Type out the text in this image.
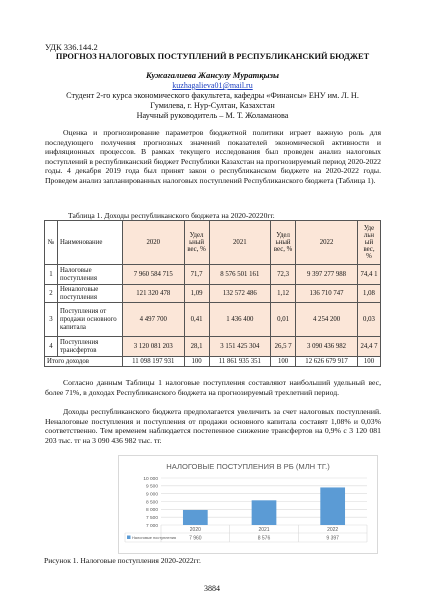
УДК 336.144.2
ПРОГНОЗ НАЛОГОВЫХ ПОСТУПЛЕНИЙ В РЕСПУБЛИКАНСКИЙ БЮДЖЕТ
Кужагалиева Жансулу Муратқызы
kuzhagalieva01@mail.ru
Студент 2-го курса экономического факультета, кафедры «Финансы» ЕНУ им. Л. Н.
Гумилева, г. Нур-Султан, Казахстан
Научный руководитель – М. Т. Жоламанова
Оценка и прогнозирование параметров бюджетной политики играет важную роль для последующего получения прогнозных значений показателей экономической активности и инфляционных процессов. В рамках текущего исследования был проведен анализ налоговых поступлений в республиканский бюджет Республики Казахстан на прогнозируемый период 2020-2022 годы. 4 декабря 2019 года был принят закон о республиканском бюджете на 2020-2022 годы. Проведем анализ запланированных налоговых поступлений Республиканского бюджета (Таблица 1).
Таблица 1. Доходы республиканского бюджета на 2020-20220гг.
№	Наименование	2020	Удел ьный вес, %	2021	Удел ьный вес, %	2022	Уде льн ый вес, %
1	Налоговые поступления	7 960 584 715	71,7	8 576 501 161	72,3	9 397 277 988	74,4 1
2	Неналоговые поступления	121 320 478	1,09	132 572 486	1,12	136 710 747	1,08
3	Поступления от продажи основного капитала	4 497 700	0,41	1 436 400	0,01	4 254 200	0,03
4	Поступления трансфертов	3 120 081 203	28,1	3 151 425 304	26,5 7	3 090 436 982	24,4 7
Итого доходов		11 098 197 931	100	11 861 935 351	100	12 626 679 917	100
Согласно данным Таблицы 1 налоговые поступления составляют наибольший удельный вес, более 71%, в доходах Республиканского бюджета на прогнозируемый трехлетний период.
Доходы республиканского бюджета предполагается увеличить за счет налоговых поступлений. Неналоговые поступления и поступления от продажи основного капитала составят 1,08% и 0,03% соответственно. Тем временем наблюдается постепенное снижение трансфертов на 0,9% с 3 120 081 203 тыс. тг на 3 090 436 982 тыс. тг.
НАЛОГОВЫЕ ПОСТУПЛЕНИЯ В РБ (МЛН ТГ.)
7 000
7 500
8 000
8 500
9 000
9 500
10 000
2020
7 960
2021
8 576
2022
9 397
Налоговые поступления
Рисунок 1. Налоговые поступления 2020-2022гг.
3884
